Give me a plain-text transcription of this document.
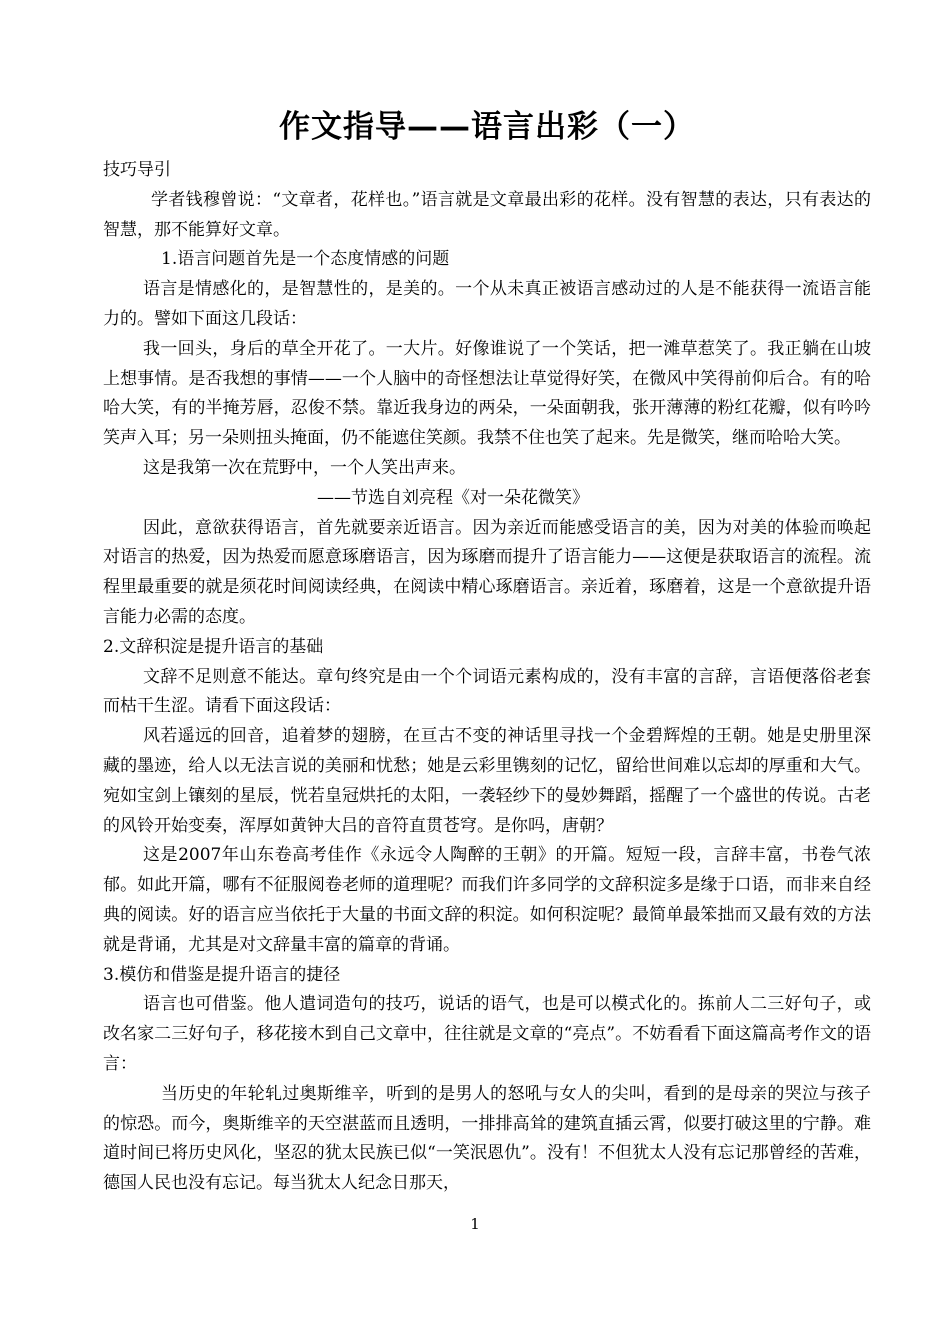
作文指导——语言出彩（一）

技巧导引

学者钱穆曾说：“文章者，花样也。”语言就是文章最出彩的花样。没有智慧的表达，只有表达的智慧，那不能算好文章。

1.语言问题首先是一个态度情感的问题

语言是情感化的，是智慧性的，是美的。一个从未真正被语言感动过的人是不能获得一流语言能力的。譬如下面这几段话：

我一回头，身后的草全开花了。一大片。好像谁说了一个笑话，把一滩草惹笑了。我正躺在山坡上想事情。是否我想的事情——一个人脑中的奇怪想法让草觉得好笑，在微风中笑得前仰后合。有的哈哈大笑，有的半掩芳唇，忍俊不禁。靠近我身边的两朵，一朵面朝我，张开薄薄的粉红花瓣，似有吟吟笑声入耳；另一朵则扭头掩面，仍不能遮住笑颜。我禁不住也笑了起来。先是微笑，继而哈哈大笑。

这是我第一次在荒野中，一个人笑出声来。

——节选自刘亮程《对一朵花微笑》

因此，意欲获得语言，首先就要亲近语言。因为亲近而能感受语言的美，因为对美的体验而唤起对语言的热爱，因为热爱而愿意琢磨语言，因为琢磨而提升了语言能力——这便是获取语言的流程。流程里最重要的就是须花时间阅读经典，在阅读中精心琢磨语言。亲近着，琢磨着，这是一个意欲提升语言能力必需的态度。

2.文辞积淀是提升语言的基础

文辞不足则意不能达。章句终究是由一个个词语元素构成的，没有丰富的言辞，言语便落俗老套而枯干生涩。请看下面这段话：

风若遥远的回音，追着梦的翅膀，在亘古不变的神话里寻找一个金碧辉煌的王朝。她是史册里深藏的墨迹，给人以无法言说的美丽和忧愁；她是云彩里镌刻的记忆，留给世间难以忘却的厚重和大气。宛如宝剑上镶刻的星辰，恍若皇冠烘托的太阳，一袭轻纱下的曼妙舞蹈，摇醒了一个盛世的传说。古老的风铃开始变奏，浑厚如黄钟大吕的音符直贯苍穹。是你吗，唐朝？

这是2007年山东卷高考佳作《永远令人陶醉的王朝》的开篇。短短一段，言辞丰富，书卷气浓郁。如此开篇，哪有不征服阅卷老师的道理呢？而我们许多同学的文辞积淀多是缘于口语，而非来自经典的阅读。好的语言应当依托于大量的书面文辞的积淀。如何积淀呢？最简单最笨拙而又最有效的方法就是背诵，尤其是对文辞量丰富的篇章的背诵。

3.模仿和借鉴是提升语言的捷径

语言也可借鉴。他人遣词造句的技巧，说话的语气，也是可以模式化的。拣前人二三好句子，或改名家二三好句子，移花接木到自己文章中，往往就是文章的“亮点”。不妨看看下面这篇高考作文的语言：

当历史的年轮轧过奥斯维辛，听到的是男人的怒吼与女人的尖叫，看到的是母亲的哭泣与孩子的惊恐。而今，奥斯维辛的天空湛蓝而且透明，一排排高耸的建筑直插云霄，似要打破这里的宁静。难道时间已将历史风化，坚忍的犹太民族已似“一笑泯恩仇”。没有！不但犹太人没有忘记那曾经的苦难，德国人民也没有忘记。每当犹太人纪念日那天，

1
